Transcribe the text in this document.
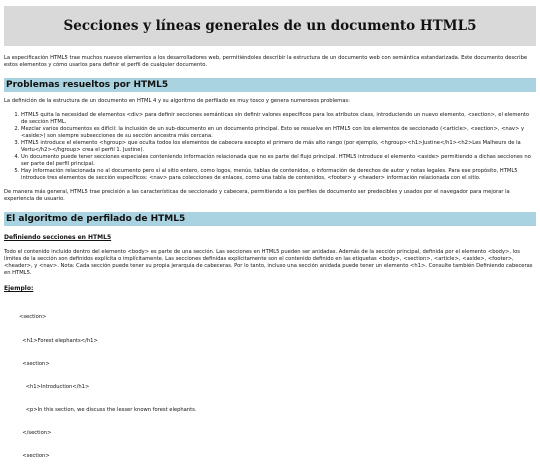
Secciones y líneas generales de un documento HTML5

La especificación HTML5 trae muchos nuevos elementos a los desarrolladores web, permitiéndoles describir la estructura de un documento web con semántica estandarizada. Este documento describe estos elementos y cómo usarlos para definir el perfil de cualquier documento.

Problemas resueltos por HTML5

La definición de la estructura de un documento en HTML 4 y su algoritmo de perfilado es muy tosco y genera numerosos problemas:

1. HTML5 quita la necesidad de elementos <div> para definir secciones semánticas sin definir valores específicos para los atributos class, introduciendo un nuevo elemento, <section>, el elemento de sección HTML.
2. Mezclar varios documentos es difícil: la inclusión de un sub-documento en un documento principal. Esto se resuelve en HTML5 con los elementos de seccionado (<article>, <section>, <nav> y <aside>) son siempre subsecciones de su sección ancestra más cercana.
3. HTML5 introduce el elemento <hgroup> que oculta todos los elementos de cabecera excepto el primero de más alto rango (por ejemplo, <hgroup><h1>Justine</h1><h2>Les Malheurs de la Vertu</h2></hgroup> crea el perfil 1. Justine).
4. Un documento puede tener secciones especiales conteniendo información relacionada que no es parte del flujo principal. HTML5 introduce el elemento <aside> permitiendo a dichas secciones no ser parte del perfil principal.
5. Hay información relacionada no al documento pero sí al sitio entero, como logos, menús, tablas de contenidos, o información de derechos de autor y notas legales. Para ese propósito, HTML5 introduce tres elementos de sección específicos: <nav> para colecciones de enlaces, como una tabla de contenidos, <footer> y <header> información relacionada con el sitio.

De manera más general, HTML5 trae precisión a las características de seccionado y cabecera, permitiendo a los perfiles de documento ser predecibles y usados por el navegador para mejorar la experiencia de usuario.

El algoritmo de perfilado de HTML5
Definiendo secciones en HTML5

Todo el contenido incluido dentro del elemento <body> es parte de una sección. Las secciones en HTML5 pueden ser anidadas. Además de la sección principal, definida por el elemento <body>, los límites de la sección son definidos explícita o implícitamente. Las secciones definidas explícitamente son el contenido definido en las etiquetas <body>, <section>, <article>, <aside>, <footer>, <header>, y <nav>. Nota: Cada sección puede tener su propia jerarquía de cabeceras. Por lo tanto, incluso una sección anidada puede tener un elemento <h1>. Consulte también Definiendo cabeceras en HTML5.

Ejemplo:

<section>

<h1>Forest elephants</h1>

<section>

<h1>Introduction</h1>

<p>In this section, we discuss the lesser known forest elephants.

</section>

<section>
